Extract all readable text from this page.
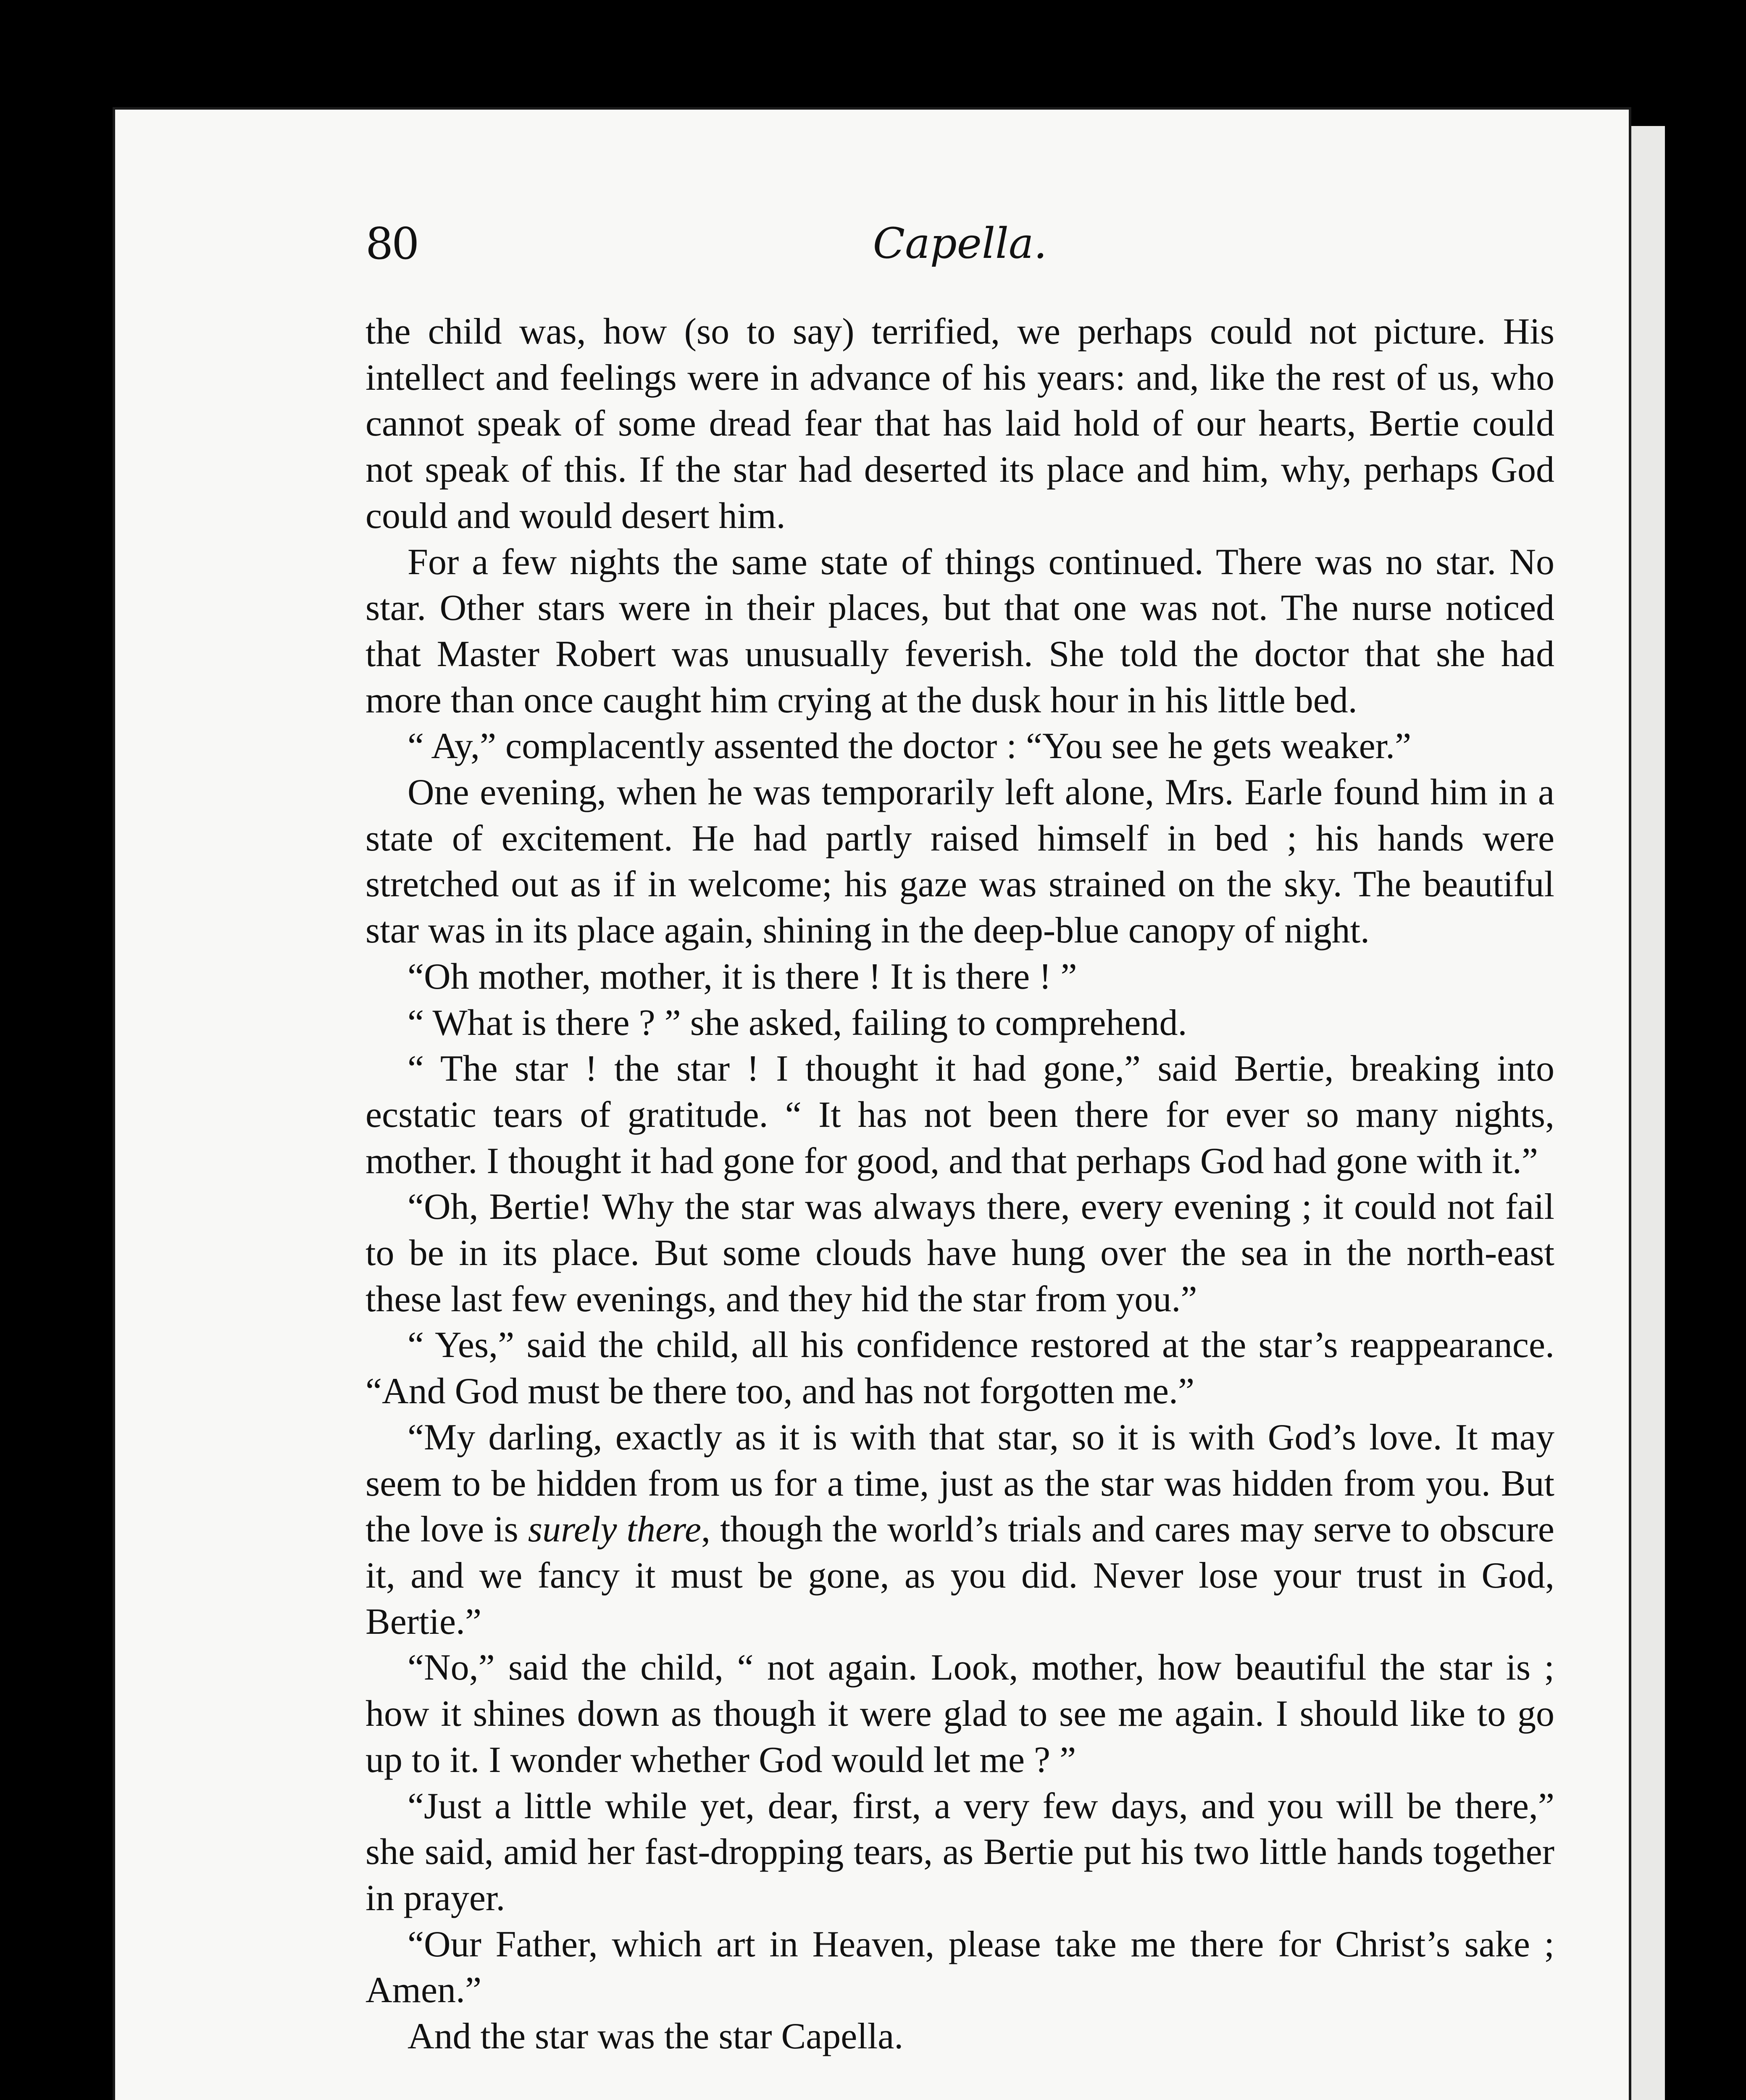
80	Capella.

the child was, how (so to say) terrified, we perhaps could not picture. His intellect and feelings were in advance of his years: and, like the rest of us, who cannot speak of some dread fear that has laid hold of our hearts, Bertie could not speak of this. If the star had deserted its place and him, why, perhaps God could and would desert him.

For a few nights the same state of things continued. There was no star. No star. Other stars were in their places, but that one was not. The nurse noticed that Master Robert was unusually feverish. She told the doctor that she had more than once caught him crying at the dusk hour in his little bed.

“ Ay,” complacently assented the doctor : “You see he gets weaker.”

One evening, when he was temporarily left alone, Mrs. Earle found him in a state of excitement. He had partly raised himself in bed ; his hands were stretched out as if in welcome; his gaze was strained on the sky. The beautiful star was in its place again, shining in the deep-blue canopy of night.

“Oh mother, mother, it is there ! It is there ! ”

“ What is there ? ” she asked, failing to comprehend.

“ The star ! the star ! I thought it had gone,” said Bertie, breaking into ecstatic tears of gratitude. “ It has not been there for ever so many nights, mother. I thought it had gone for good, and that perhaps God had gone with it.”

“Oh, Bertie! Why the star was always there, every evening ; it could not fail to be in its place. But some clouds have hung over the sea in the north-east these last few evenings, and they hid the star from you.”

“ Yes,” said the child, all his confidence restored at the star’s reappearance. “And God must be there too, and has not forgotten me.”

“My darling, exactly as it is with that star, so it is with God’s love. It may seem to be hidden from us for a time, just as the star was hidden from you. But the love is surely there, though the world’s trials and cares may serve to obscure it, and we fancy it must be gone, as you did. Never lose your trust in God, Bertie.”

“No,” said the child, “ not again. Look, mother, how beautiful the star is ; how it shines down as though it were glad to see me again. I should like to go up to it. I wonder whether God would let me ? ”

“Just a little while yet, dear, first, a very few days, and you will be there,” she said, amid her fast-dropping tears, as Bertie put his two little hands together in prayer.

“Our Father, which art in Heaven, please take me there for Christ’s sake ; Amen.”

And the star was the star Capella.
